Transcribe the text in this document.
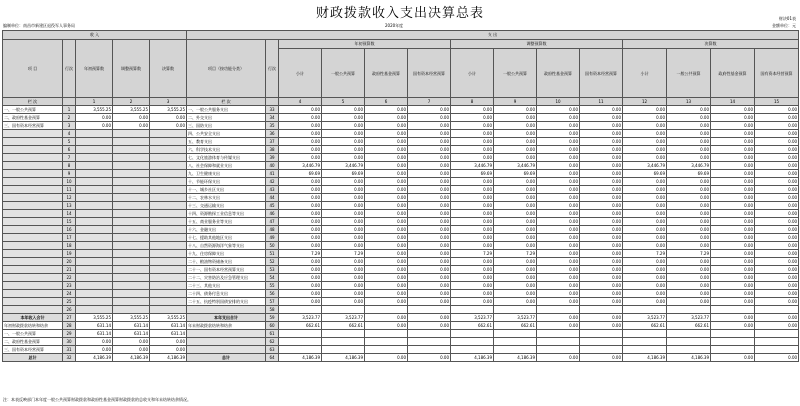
财政拨款收入支出决算总表	财决01表
金额单位：元
编制单位：南昌市新建区退役军人事务局	2020年度
收 入					支 出													
项 目	行次	年初预算数	调整预算数	决算数	项目（按功能分类）	行次	年初预算数				调整预算数				决算数			
							小计	一般公共预算	政府性基金预算	国有资本经营预算	小计	一般公共预算	政府性基金预算	国有资本经营预算	小计	一般公共预算	政府性基金预算	国有资本经营预算
栏 次		1	2	3	栏 次		4	5	6	7	8	9	10	11	12	13	14	15
一、一般公共预算	1	3,555.25	3,555.25	3,555.25	一、一般公共服务支出	33	0.00	0.00	0.00	0.00	0.00	0.00	0.00	0.00	0.00	0.00	0.00	0.00
二、政府性基金预算	2	0.00	0.00	0.00	二、外交支出	34	0.00	0.00	0.00	0.00	0.00	0.00	0.00	0.00	0.00	0.00	0.00	0.00
三、国有资本经营预算	3	0.00	0.00	0.00	三、国防支出	35	0.00	0.00	0.00	0.00	0.00	0.00	0.00	0.00	0.00	0.00	0.00	0.00
	4				四、公共安全支出	36	0.00	0.00	0.00	0.00	0.00	0.00	0.00	0.00	0.00	0.00	0.00	0.00
	5				五、教育支出	37	0.00	0.00	0.00	0.00	0.00	0.00	0.00	0.00	0.00	0.00	0.00	0.00
	6				六、科学技术支出	38	0.00	0.00	0.00	0.00	0.00	0.00	0.00	0.00	0.00	0.00	0.00	0.00
	7				七、文化旅游体育与传媒支出	39	0.00	0.00	0.00	0.00	0.00	0.00	0.00	0.00	0.00	0.00	0.00	0.00
	8				八、社会保障和就业支出	40	3,446.79	3,446.79	0.00	0.00	3,446.79	3,446.79	0.00	0.00	3,446.79	3,446.79	0.00	0.00
	9				九、卫生健康支出	41	69.69	69.69	0.00	0.00	69.69	69.69	0.00	0.00	69.69	69.69	0.00	0.00
	10				十、节能环保支出	42	0.00	0.00	0.00	0.00	0.00	0.00	0.00	0.00	0.00	0.00	0.00	0.00
	11				十一、城乡社区支出	43	0.00	0.00	0.00	0.00	0.00	0.00	0.00	0.00	0.00	0.00	0.00	0.00
	12				十二、农林水支出	44	0.00	0.00	0.00	0.00	0.00	0.00	0.00	0.00	0.00	0.00	0.00	0.00
	13				十三、交通运输支出	45	0.00	0.00	0.00	0.00	0.00	0.00	0.00	0.00	0.00	0.00	0.00	0.00
	14				十四、资源勘探工业信息等支出	46	0.00	0.00	0.00	0.00	0.00	0.00	0.00	0.00	0.00	0.00	0.00	0.00
	15				十五、商业服务业等支出	47	0.00	0.00	0.00	0.00	0.00	0.00	0.00	0.00	0.00	0.00	0.00	0.00
	16				十六、金融支出	48	0.00	0.00	0.00	0.00	0.00	0.00	0.00	0.00	0.00	0.00	0.00	0.00
	17				十七、援助其他地区支出	49	0.00	0.00	0.00	0.00	0.00	0.00	0.00	0.00	0.00	0.00	0.00	0.00
	18				十八、自然资源海洋气象等支出	50	0.00	0.00	0.00	0.00	0.00	0.00	0.00	0.00	0.00	0.00	0.00	0.00
	19				十九、住房保障支出	51	7.29	7.29	0.00	0.00	7.29	7.29	0.00	0.00	7.29	7.29	0.00	0.00
	20				二十、粮油物资储备支出	52	0.00	0.00	0.00	0.00	0.00	0.00	0.00	0.00	0.00	0.00	0.00	0.00
	21				二十一、国有资本经营预算支出	53	0.00	0.00	0.00	0.00	0.00	0.00	0.00	0.00	0.00	0.00	0.00	0.00
	22				二十二、灾害防治及应急管理支出	54	0.00	0.00	0.00	0.00	0.00	0.00	0.00	0.00	0.00	0.00	0.00	0.00
	23				二十三、其他支出	55	0.00	0.00	0.00	0.00	0.00	0.00	0.00	0.00	0.00	0.00	0.00	0.00
	24				二十四、债务付息支出	56	0.00	0.00	0.00	0.00	0.00	0.00	0.00	0.00	0.00	0.00	0.00	0.00
	25				二十五、抗疫特别国债安排的支出	57	0.00	0.00	0.00	0.00	0.00	0.00	0.00	0.00	0.00	0.00	0.00	0.00
	26					58												
本年收入合计	27	3,555.25	3,555.25	3,555.25	本年支出合计	59	3,523.77	3,523.77	0.00	0.00	3,523.77	3,523.77	0.00	0.00	3,523.77	3,523.77	0.00	0.00
年初财政拨款结转和结余	28	631.14	631.14	631.14	年末财政拨款结转和结余	60	662.61	662.61	0.00	0.00	662.61	662.61	0.00	0.00	662.61	662.61	0.00	0.00
一、一般公共预算	29	631.14	631.14	631.14		61												
二、政府性基金预算	30	0.00	0.00	0.00		62												
三、国有资本经营预算	31	0.00	0.00	0.00		63												
总计	32	4,186.39	4,186.39	4,186.39	总计	64	4,186.39	4,186.39	0.00	0.00	4,186.39	4,186.39	0.00	0.00	4,186.39	4,186.39	0.00	0.00
注：本表反映部门本年度一般公共预算财政拨款和政府性基金预算财政拨款的总收支和年末结转结余情况。
